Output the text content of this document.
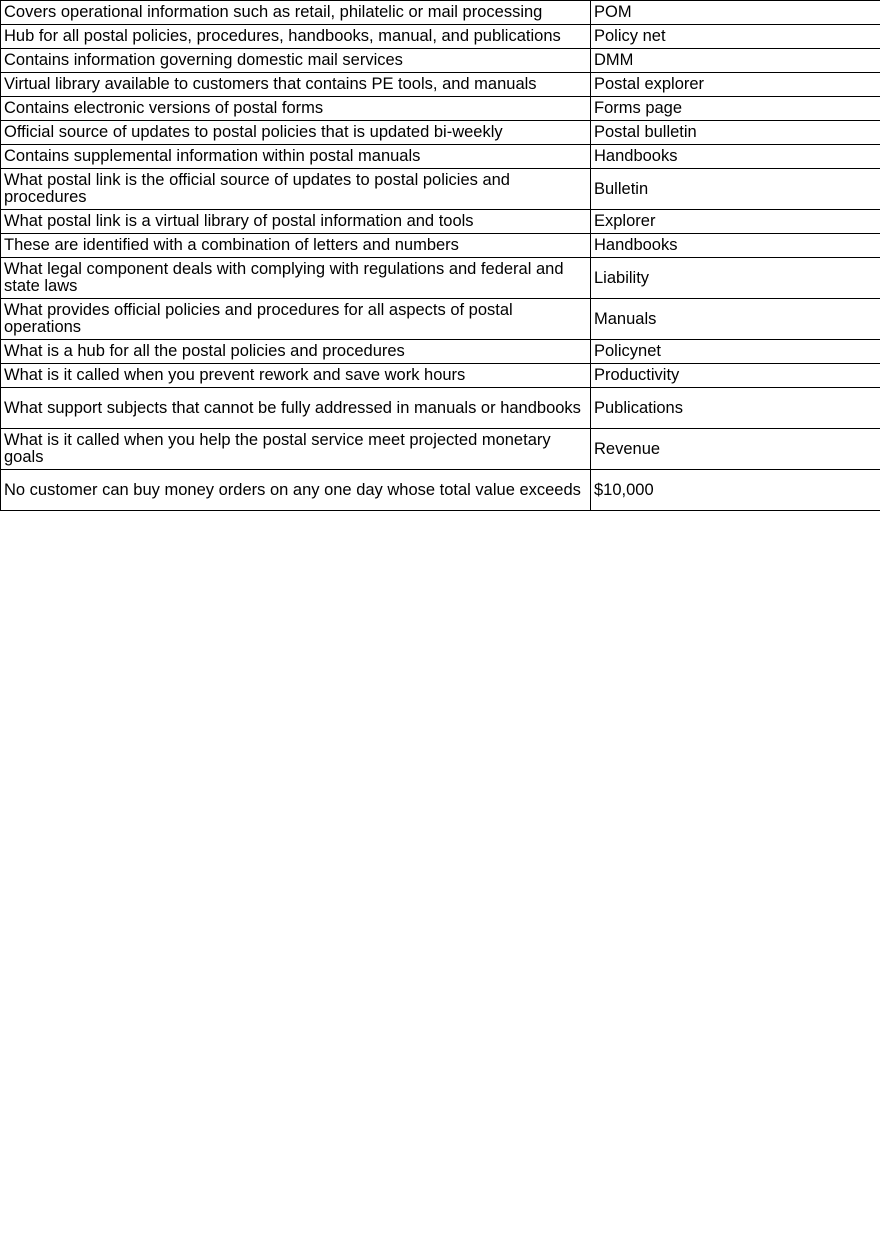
Covers operational information such as retail, philatelic or mail processing	POM
Hub for all postal policies, procedures, handbooks, manual, and publications	Policy net
Contains information governing domestic mail services	DMM
Virtual library available to customers that contains PE tools, and manuals	Postal explorer
Contains electronic versions of postal forms	Forms page
Official source of updates to postal policies that is updated bi-weekly	Postal bulletin
Contains supplemental information within postal manuals	Handbooks
What postal link is the official source of updates to postal policies and procedures	Bulletin
What postal link is a virtual library of postal information and tools	Explorer
These are identified with a combination of letters and numbers	Handbooks
What legal component deals with complying with regulations and federal and state laws	Liability
What provides official policies and procedures for all aspects of postal operations	Manuals
What is a hub for all the postal policies and procedures	Policynet
What is it called when you prevent rework and save work hours	Productivity
What support subjects that cannot be fully addressed in manuals or handbooks	Publications
What is it called when you help the postal service meet projected monetary goals	Revenue
No customer can buy money orders on any one day whose total value exceeds	$10,000
